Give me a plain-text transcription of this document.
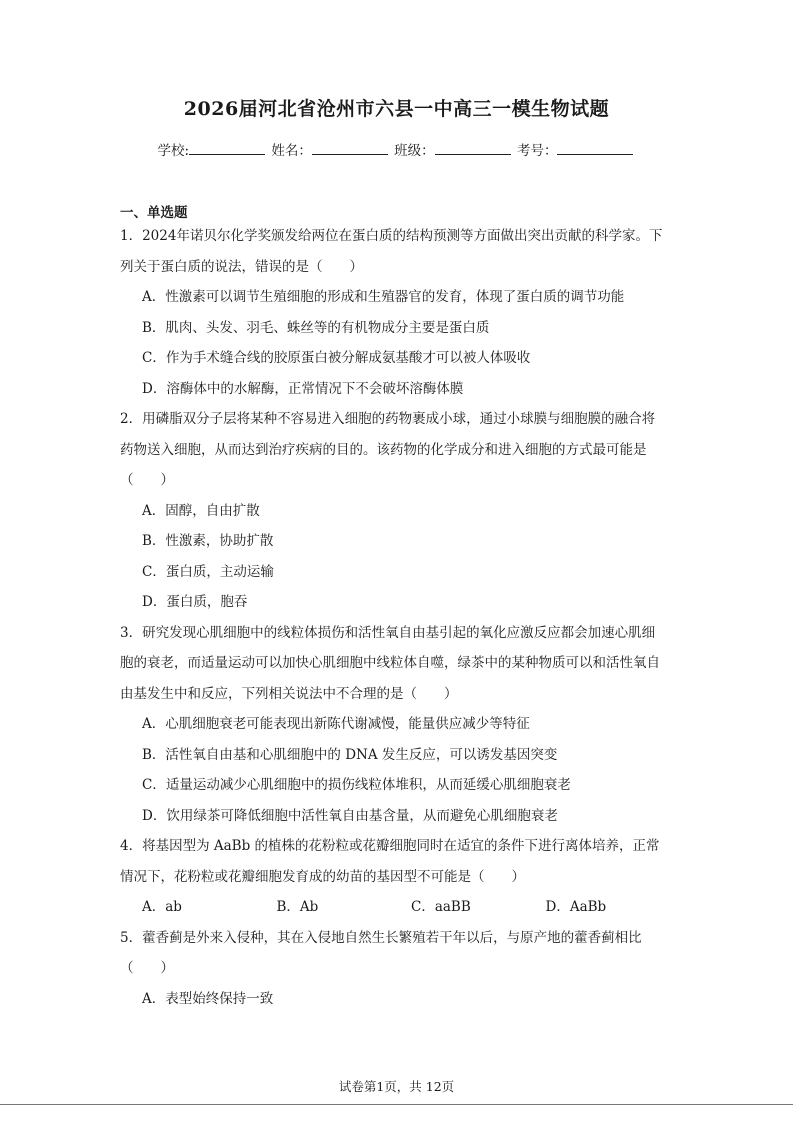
2026届河北省沧州市六县一中高三一模生物试题
学校:	姓名：	班级：	考号：
一、单选题
1．2024年诺贝尔化学奖颁发给两位在蛋白质的结构预测等方面做出突出贡献的科学家。下
列关于蛋白质的说法，错误的是（　　）
A．性激素可以调节生殖细胞的形成和生殖器官的发育，体现了蛋白质的调节功能
B．肌肉、头发、羽毛、蛛丝等的有机物成分主要是蛋白质
C．作为手术缝合线的胶原蛋白被分解成氨基酸才可以被人体吸收
D．溶酶体中的水解酶，正常情况下不会破坏溶酶体膜
2．用磷脂双分子层将某种不容易进入细胞的药物裹成小球，通过小球膜与细胞膜的融合将
药物送入细胞，从而达到治疗疾病的目的。该药物的化学成分和进入细胞的方式最可能是
（　　）
A．固醇，自由扩散
B．性激素，协助扩散
C．蛋白质，主动运输
D．蛋白质，胞吞
3．研究发现心肌细胞中的线粒体损伤和活性氧自由基引起的氧化应激反应都会加速心肌细
胞的衰老，而适量运动可以加快心肌细胞中线粒体自噬，绿茶中的某种物质可以和活性氧自
由基发生中和反应，下列相关说法中不合理的是（　　）
A．心肌细胞衰老可能表现出新陈代谢减慢，能量供应减少等特征
B．活性氧自由基和心肌细胞中的 DNA 发生反应，可以诱发基因突变
C．适量运动减少心肌细胞中的损伤线粒体堆积，从而延缓心肌细胞衰老
D．饮用绿茶可降低细胞中活性氧自由基含量，从而避免心肌细胞衰老
4．将基因型为 AaBb 的植株的花粉粒或花瓣细胞同时在适宜的条件下进行离体培养，正常
情况下，花粉粒或花瓣细胞发育成的幼苗的基因型不可能是（　　）
A．ab	B．Ab	C．aaBB	D．AaBb
5．藿香蓟是外来入侵种，其在入侵地自然生长繁殖若干年以后，与原产地的藿香蓟相比
（　　）
A．表型始终保持一致
试卷第1页，共 12页
